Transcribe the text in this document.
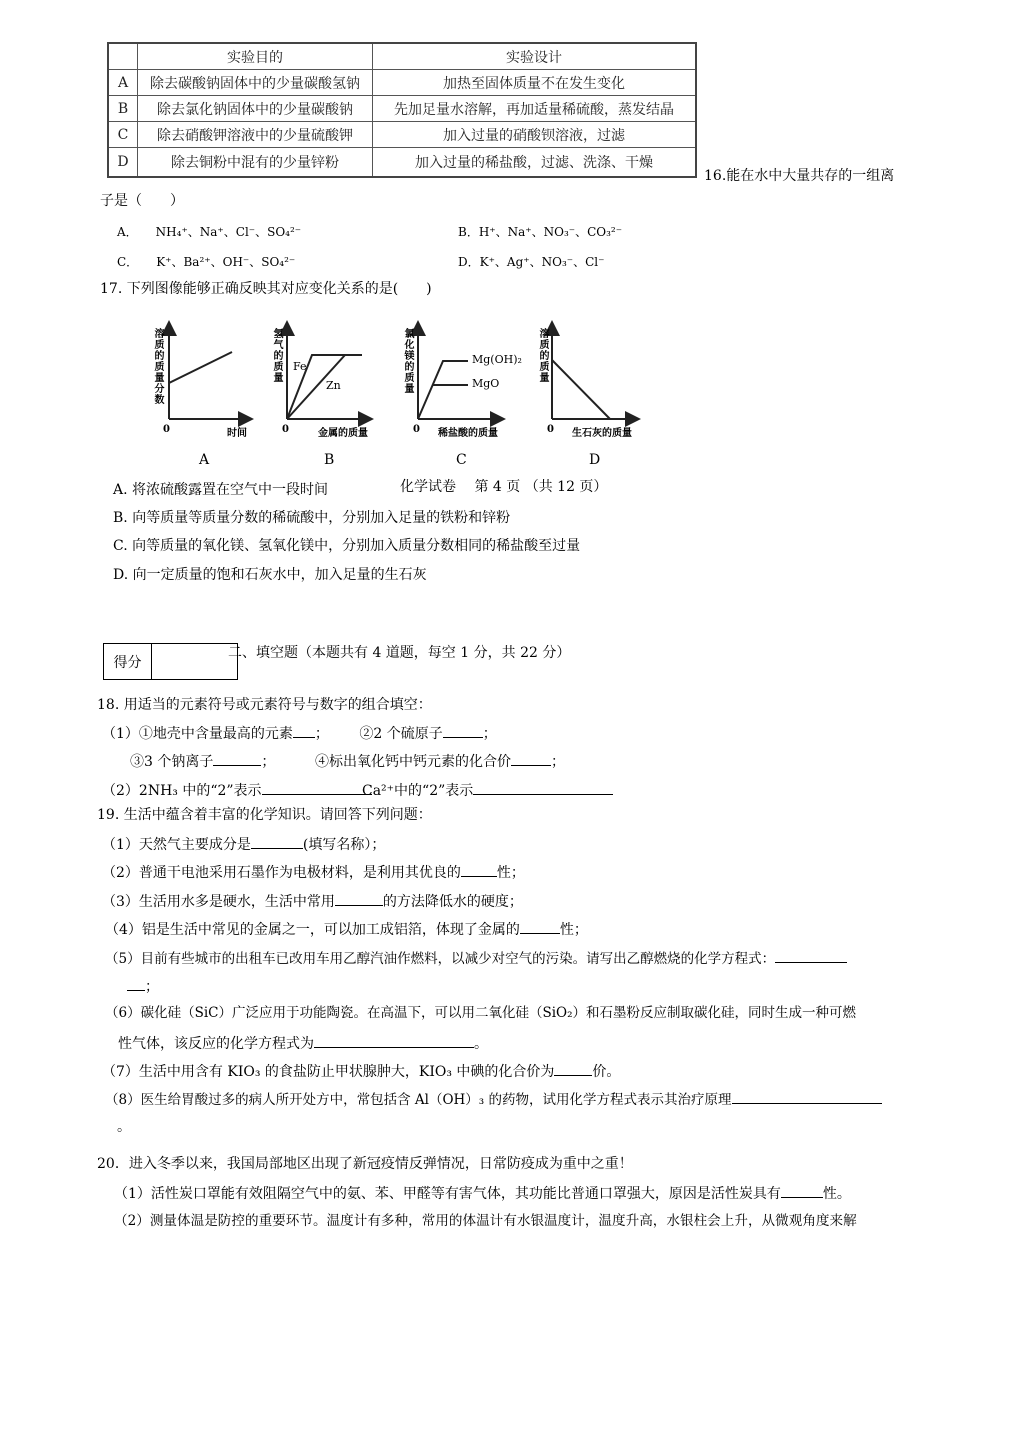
	实验目的	实验设计
A	除去碳酸钠固体中的少量碳酸氢钠	加热至固体质量不在发生变化
B	除去氯化钠固体中的少量碳酸钠	先加足量水溶解，再加适量稀硫酸，蒸发结晶
C	除去硝酸钾溶液中的少量硫酸钾	加入过量的硝酸钡溶液，过滤
D	除去铜粉中混有的少量锌粉	加入过量的稀盐酸，过滤、洗涤、干燥
16.能在水中大量共存的一组离
子是（　　）
A． NH₄⁺、Na⁺、Cl⁻、SO₄²⁻	B．H⁺、Na⁺、NO₃⁻、CO₃²⁻
C． K⁺、Ba²⁺、OH⁻、SO₄²⁻	D．K⁺、Ag⁺、NO₃⁻、Cl⁻
17. 下列图像能够正确反映其对应变化关系的是(　　)
溶质的质量分数
0	时间
A
氢气的质量 Fe
Zn
0	金属的质量
B
氯化镁的质量	Mg(OH)₂
MgO
0 稀盐酸的质量
C
溶质的质量
0 生石灰的质量
D
A. 将浓硫酸露置在空气中一段时间	化学试卷　 第 4 页 （共 12 页）
B. 向等质量等质量分数的稀硫酸中，分别加入足量的铁粉和锌粉
C. 向等质量的氧化镁、氢氧化镁中，分别加入质量分数相同的稀盐酸至过量
D. 向一定质量的饱和石灰水中，加入足量的生石灰
得分
二、填空题（本题共有 4 道题，每空 1 分，共 22 分）
18. 用适当的元素符号或元素符号与数字的组合填空：
（1）①地壳中含量最高的元素 ； ②2 个硫原子	；
③3 个钠离子	；	④标出氧化钙中钙元素的化合价	；
（2）2NH₃ 中的“2”表示	Ca²⁺中的“2”表示
19. 生活中蕴含着丰富的化学知识。请回答下列问题：
（1）天然气主要成分是	(填写名称）；
（2）普通干电池采用石墨作为电极材料，是利用其优良的	性；
（3）生活用水多是硬水，生活中常用	的方法降低水的硬度；
（4）铝是生活中常见的金属之一，可以加工成铝箔，体现了金属的	性；
（5）目前有些城市的出租车已改用车用乙醇汽油作燃料，以减少对空气的污染。请写出乙醇燃烧的化学方程式：
；
（6）碳化硅（SiC）广泛应用于功能陶瓷。在高温下，可以用二氧化硅（SiO₂）和石墨粉反应制取碳化硅，同时生成一种可燃
性气体，该反应的化学方程式为	。
（7）生活中用含有 KIO₃ 的食盐防止甲状腺肿大，KIO₃ 中碘的化合价为	价。
（8）医生给胃酸过多的病人所开处方中，常包括含 Al（OH）₃ 的药物，试用化学方程式表示其治疗原理
。
20．进入冬季以来，我国局部地区出现了新冠疫情反弹情况，日常防疫成为重中之重！
（1）活性炭口罩能有效阻隔空气中的氨、苯、甲醛等有害气体，其功能比普通口罩强大，原因是活性炭具有	性。
（2）测量体温是防控的重要环节。温度计有多种，常用的体温计有水银温度计，温度升高，水银柱会上升，从微观角度来解
